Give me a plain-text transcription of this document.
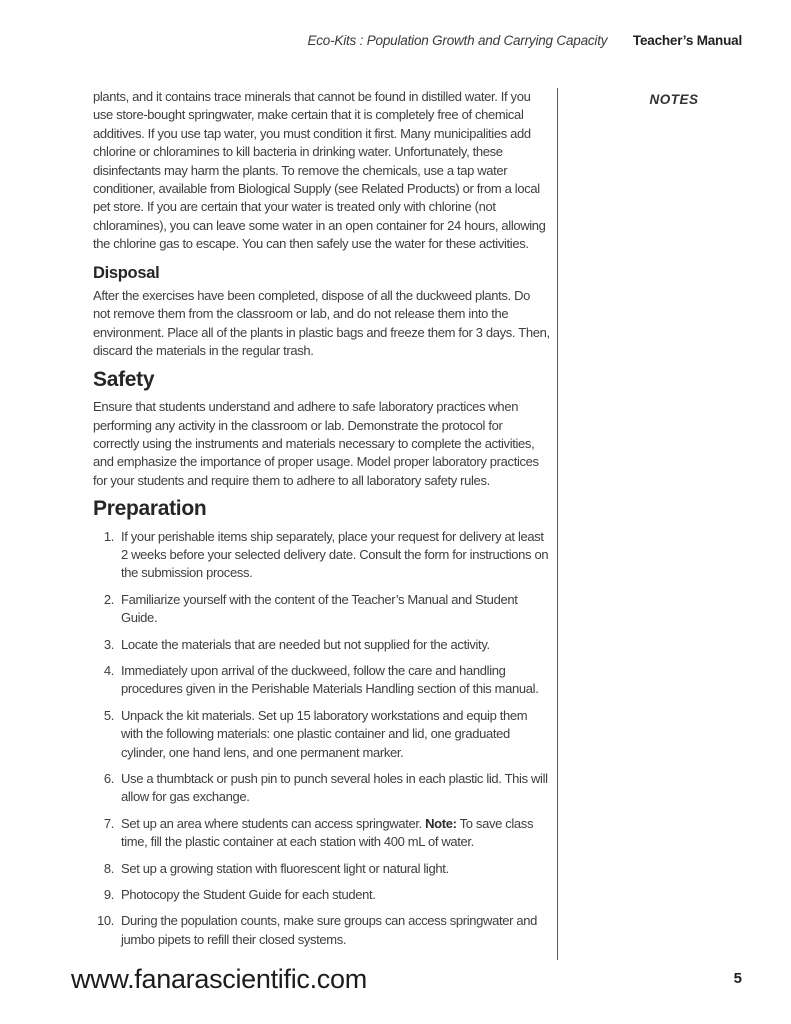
Eco-Kits : Population Growth and Carrying Capacity Teacher’s Manual
NOTES

plants, and it contains trace minerals that cannot be found in distilled water. If you use store-bought springwater, make certain that it is completely free of chemical additives. If you use tap water, you must condition it first. Many municipalities add chlorine or chloramines to kill bacteria in drinking water. Unfortunately, these disinfectants may harm the plants. To remove the chemicals, use a tap water conditioner, available from Biological Supply (see Related Products) or from a local pet store. If you are certain that your water is treated only with chlorine (not chloramines), you can leave some water in an open container for 24 hours, allowing the chlorine gas to escape. You can then safely use the water for these activities.

Disposal

After the exercises have been completed, dispose of all the duckweed plants. Do not remove them from the classroom or lab, and do not release them into the environment. Place all of the plants in plastic bags and freeze them for 3 days. Then, discard the materials in the regular trash.

Safety

Ensure that students understand and adhere to safe laboratory practices when performing any activity in the classroom or lab. Demonstrate the protocol for correctly using the instruments and materials necessary to complete the activities, and emphasize the importance of proper usage. Model proper laboratory practices for your students and require them to adhere to all laboratory safety rules.

Preparation
1. If your perishable items ship separately, place your request for delivery at least 2 weeks before your selected delivery date. Consult the form for instructions on the submission process.
2. Familiarize yourself with the content of the Teacher’s Manual and Student Guide.
3. Locate the materials that are needed but not supplied for the activity.
4. Immediately upon arrival of the duckweed, follow the care and handling procedures given in the Perishable Materials Handling section of this manual.
5. Unpack the kit materials. Set up 15 laboratory workstations and equip them with the following materials: one plastic container and lid, one graduated cylinder, one hand lens, and one permanent marker.
6. Use a thumbtack or push pin to punch several holes in each plastic lid. This will allow for gas exchange.
7. Set up an area where students can access springwater. Note: To save class time, fill the plastic container at each station with 400 mL of water.
8. Set up a growing station with fluorescent light or natural light.
9. Photocopy the Student Guide for each student.
10. During the population counts, make sure groups can access springwater and jumbo pipets to refill their closed systems.
www.fanarascientific.com	5
